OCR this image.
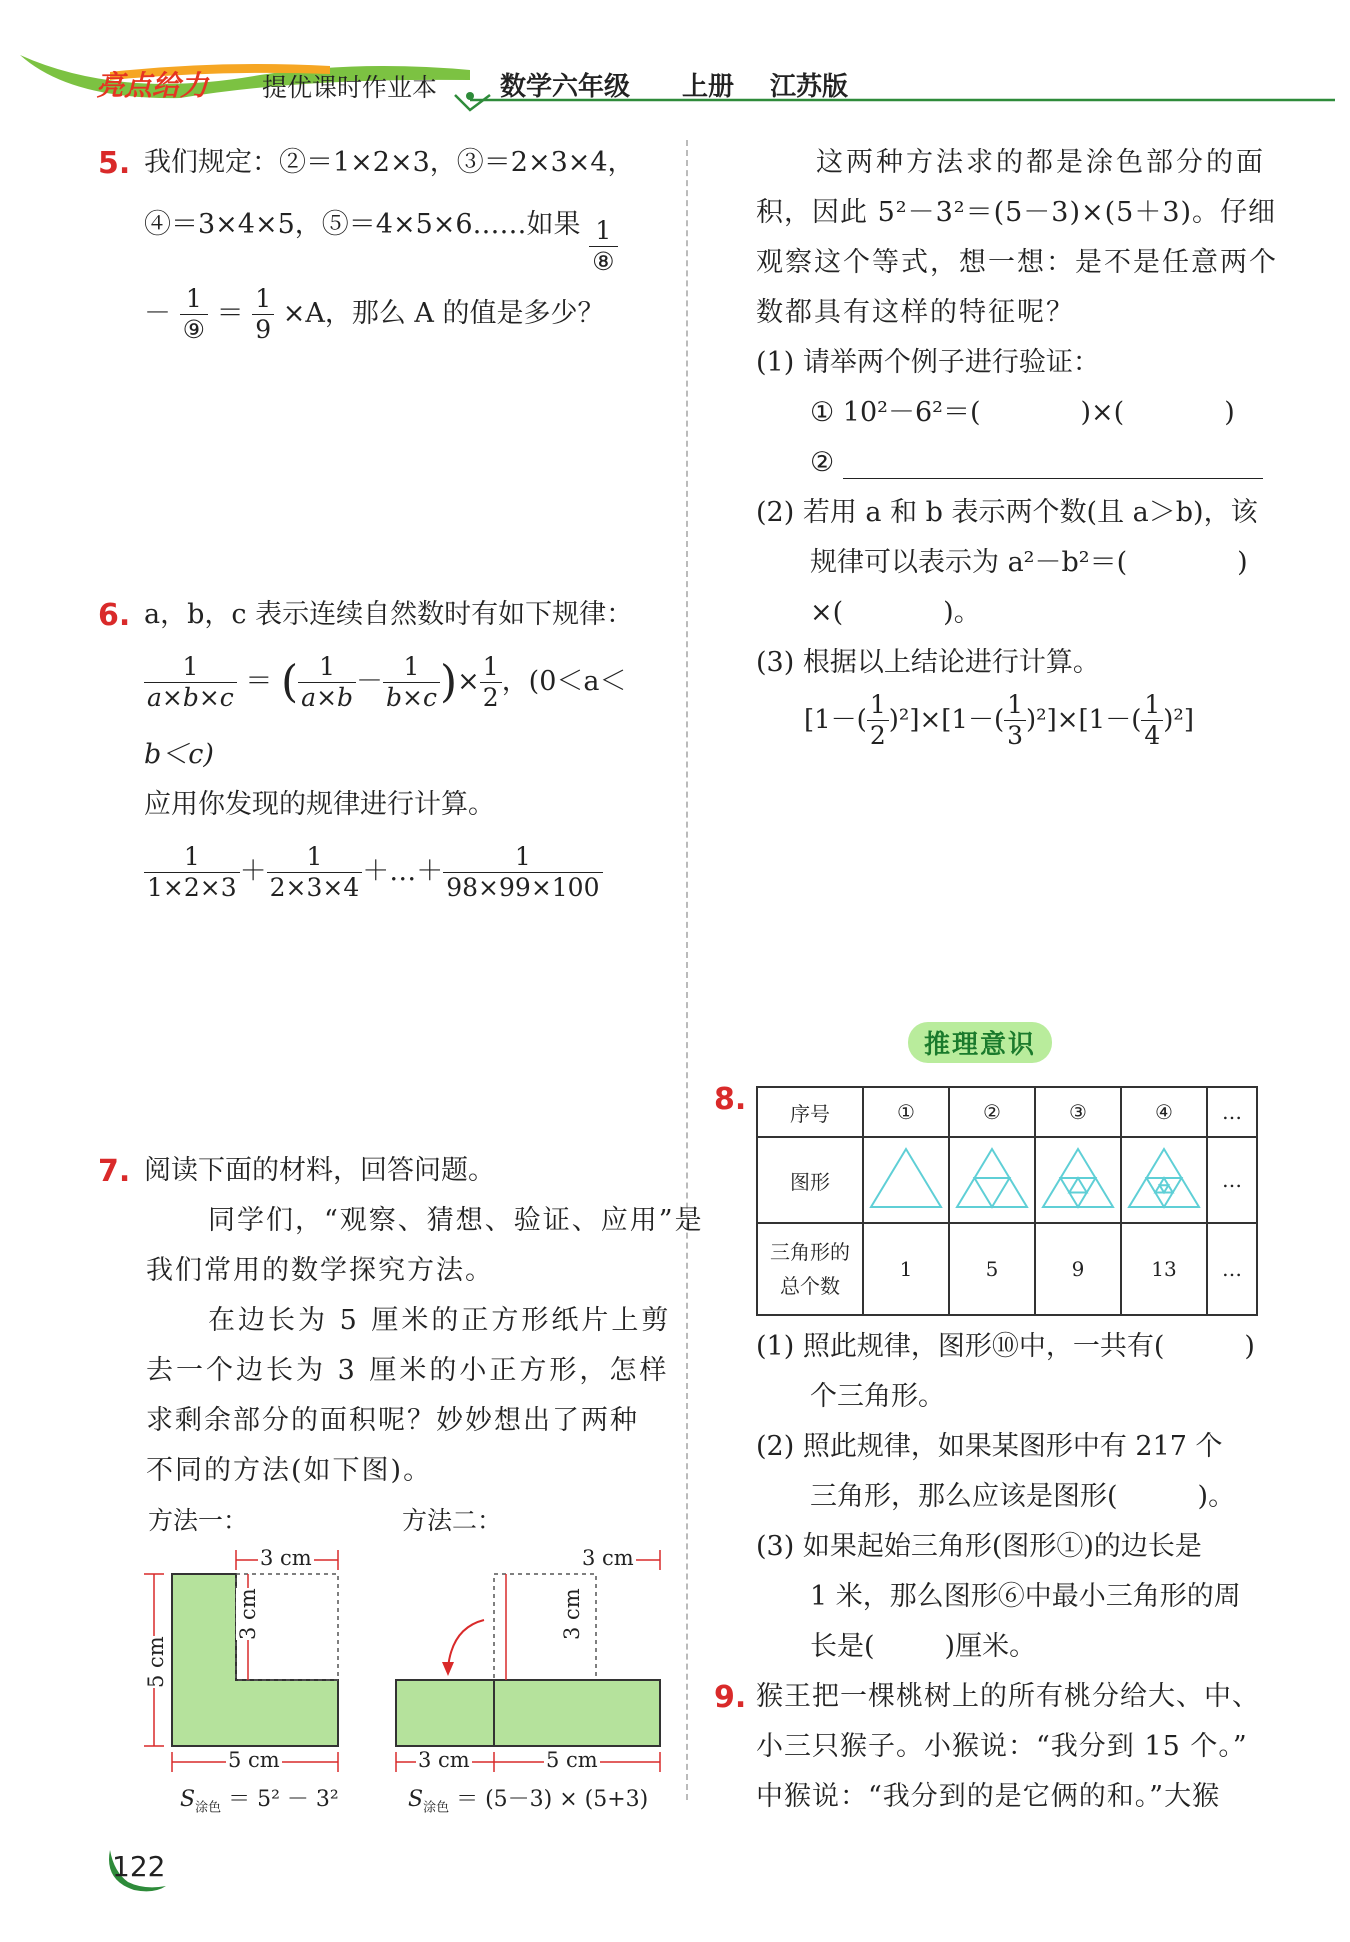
亮点给力 提优课时作业本 数学六年级 上册 江苏版
5. 我们规定：②＝1×2×3，③＝2×3×4，
④＝3×4×5，⑤＝4×5×6……如果 $\frac{1}{\text{⑧}}$
－ $\frac{1}{\text{⑨}} = \frac{1}{9} \times A$，那么 A 的值是多少？
6. a，b，c 表示连续自然数时有如下规律：
$\frac{1}{a\times b\times c}$ ＝ ( $\frac{1}{a\times b} - \frac{1}{b\times c}$ )× $\frac{1}{2}$ ，(0＜a＜
b＜c)
应用你发现的规律进行计算。
$\frac{1}{1\times 2\times 3} + \frac{1}{2\times 3\times 4}$ ＋…＋ $\frac{1}{98\times 99\times 100}$
7. 阅读下面的材料，回答问题。
同学们，“观察、猜想、验证、应用”是
我们常用的数学探究方法。
在边长为 5 厘米的正方形纸片上剪
去一个边长为 3 厘米的小正方形，怎样
求剩余部分的面积呢？妙妙想出了两种
不同的方法(如下图)。
方法一：	方法二：
3 cm
3 cm
5 cm
5 cm
$S_{涂色} = 5^2 - 3^2$
3 cm
3 cm
3 cm	5 cm
$S_{涂色} = (5-3) \times (5+3)$
这两种方法求的都是涂色部分的面
积，因此 5²－3²＝(5－3)×(5＋3)。仔细
观察这个等式，想一想：是不是任意两个
数都具有这样的特征呢？
(1) 请举两个例子进行验证：
① 10²－6²＝(	)×(	)
②
(2) 若用 a 和 b 表示两个数(且 a＞b)，该
规律可以表示为 a²－b²＝(	)
×(	)。
(3) 根据以上结论进行计算。
$[1-( \frac{1}{2} )^2]\times[1-( \frac{1}{3} )^2]\times[1-( \frac{1}{4} )^2]$
推理意识
8. 序号	①	②	③	④	…
图形					…

三角形的
总个数	1	5	9	13	…
(1) 照此规律，图形⑩中，一共有(	)
个三角形。
(2) 照此规律，如果某图形中有 217 个
三角形，那么应该是图形(	)。
(3) 如果起始三角形(图形①)的边长是
1 米，那么图形⑥中最小三角形的周
长是(	)厘米。
9. 猴王把一棵桃树上的所有桃分给大、中、
小三只猴子。小猴说：“我分到 15 个。”
中猴说：“我分到的是它俩的和。”大猴
122
